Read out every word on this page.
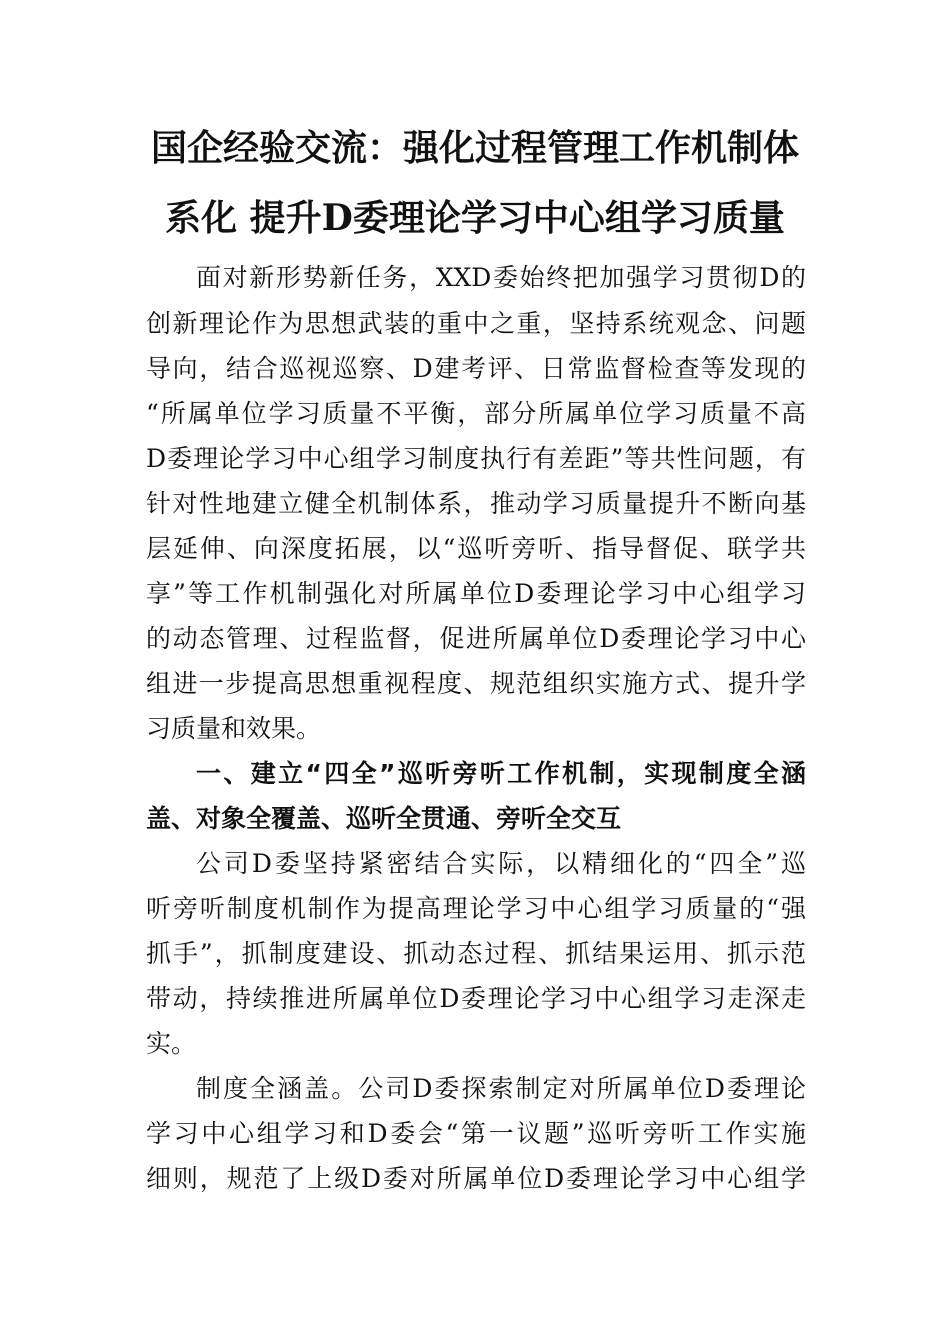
国企经验交流：强化过程管理工作机制体
系化 提升D委理论学习中心组学习质量

面对新形势新任务，XXD委始终把加强学习贯彻D的

创新理论作为思想武装的重中之重，坚持系统观念、问题

导向，结合巡视巡察、D建考评、日常监督检查等发现的

“所属单位学习质量不平衡，部分所属单位学习质量不高

D委理论学习中心组学习制度执行有差距”等共性问题，有

针对性地建立健全机制体系，推动学习质量提升不断向基

层延伸、向深度拓展，以“巡听旁听、指导督促、联学共

享”等工作机制强化对所属单位D委理论学习中心组学习

的动态管理、过程监督，促进所属单位D委理论学习中心

组进一步提高思想重视程度、规范组织实施方式、提升学

习质量和效果。

一、建立“四全”巡听旁听工作机制，实现制度全涵

盖、对象全覆盖、巡听全贯通、旁听全交互

公司D委坚持紧密结合实际，以精细化的“四全”巡

听旁听制度机制作为提高理论学习中心组学习质量的“强

抓手”，抓制度建设、抓动态过程、抓结果运用、抓示范

带动，持续推进所属单位D委理论学习中心组学习走深走

实。

制度全涵盖。公司D委探索制定对所属单位D委理论

学习中心组学习和D委会“第一议题”巡听旁听工作实施

细则，规范了上级D委对所属单位D委理论学习中心组学
